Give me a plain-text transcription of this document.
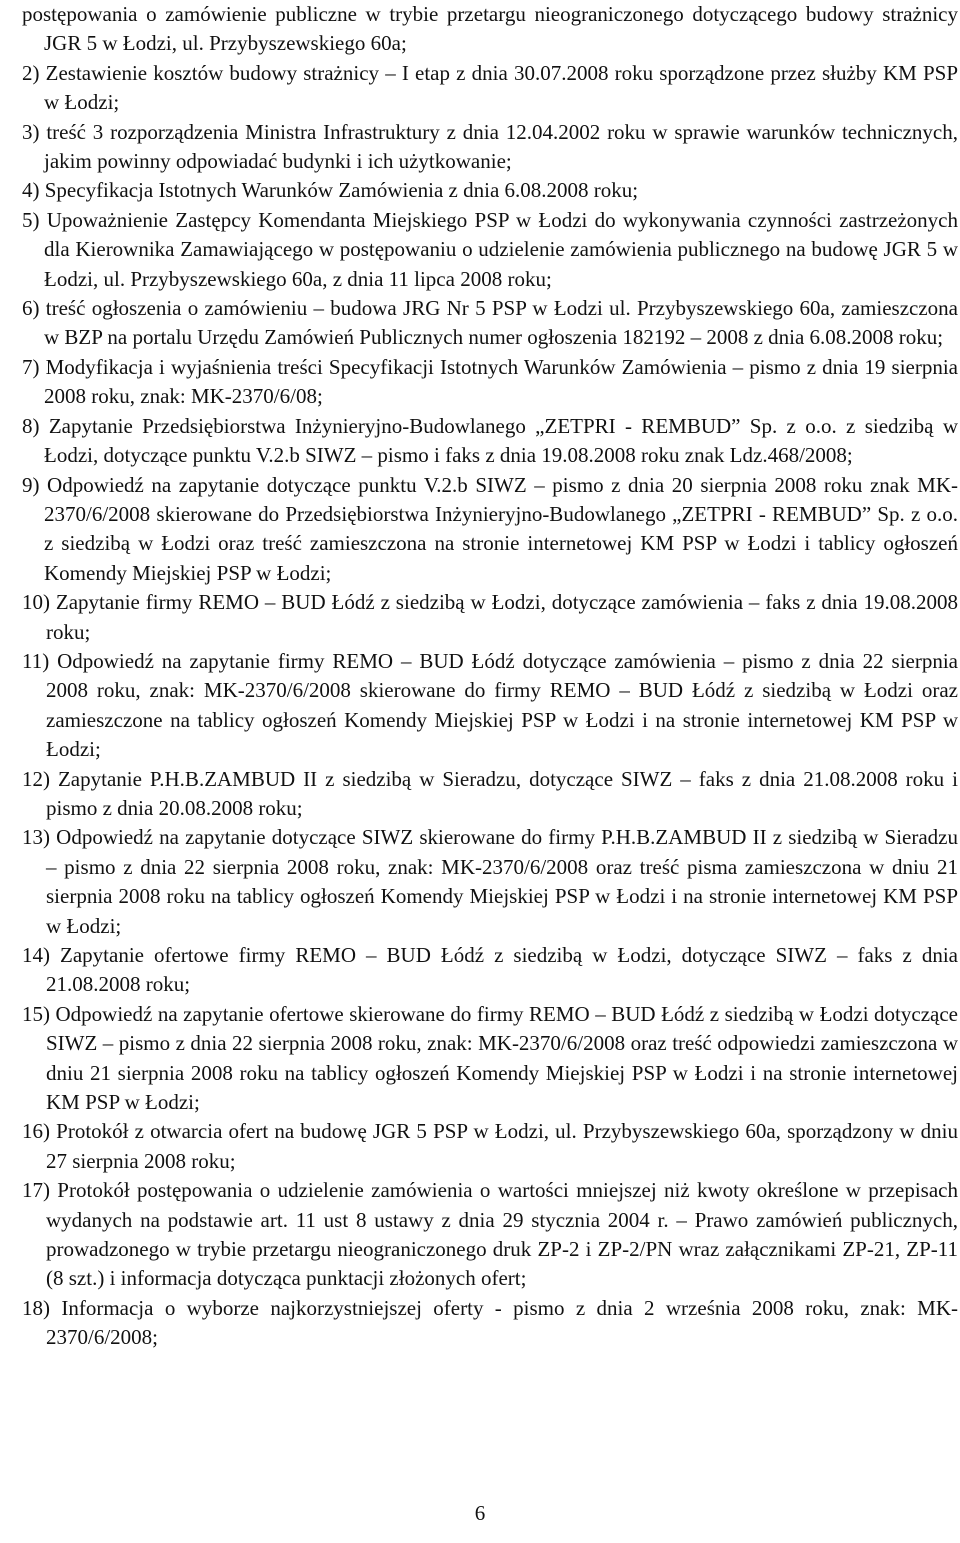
postępowania o zamówienie publiczne w trybie przetargu nieograniczonego dotyczącego budowy strażnicy JGR 5 w Łodzi, ul. Przybyszewskiego 60a;
2) Zestawienie kosztów budowy strażnicy – I etap z dnia 30.07.2008 roku sporządzone przez służby KM PSP w Łodzi;
3) treść 3 rozporządzenia Ministra Infrastruktury z dnia 12.04.2002 roku w sprawie warunków technicznych, jakim powinny odpowiadać budynki i ich użytkowanie;
4) Specyfikacja Istotnych Warunków Zamówienia z dnia 6.08.2008 roku;
5) Upoważnienie Zastępcy Komendanta Miejskiego PSP w Łodzi do wykonywania czynności zastrzeżonych dla Kierownika Zamawiającego w postępowaniu o udzielenie zamówienia publicznego na budowę JGR 5 w Łodzi, ul. Przybyszewskiego 60a, z dnia 11 lipca 2008 roku;
6) treść ogłoszenia o zamówieniu – budowa JRG Nr 5 PSP w Łodzi ul. Przybyszewskiego 60a, zamieszczona w BZP na portalu Urzędu Zamówień Publicznych numer ogłoszenia 182192 – 2008 z dnia 6.08.2008 roku;
7) Modyfikacja i wyjaśnienia treści Specyfikacji Istotnych Warunków Zamówienia – pismo z dnia 19 sierpnia 2008 roku, znak: MK-2370/6/08;
8) Zapytanie Przedsiębiorstwa Inżynieryjno-Budowlanego „ZETPRI - REMBUD” Sp. z o.o. z siedzibą w Łodzi, dotyczące punktu V.2.b SIWZ – pismo i faks z dnia 19.08.2008 roku znak Ldz.468/2008;
9) Odpowiedź na zapytanie dotyczące punktu V.2.b SIWZ – pismo z dnia 20 sierpnia 2008 roku znak MK-2370/6/2008 skierowane do Przedsiębiorstwa Inżynieryjno-Budowlanego „ZETPRI - REMBUD” Sp. z o.o. z siedzibą w Łodzi oraz treść zamieszczona na stronie internetowej KM PSP w Łodzi i tablicy ogłoszeń Komendy Miejskiej PSP w Łodzi;
10) Zapytanie firmy REMO – BUD Łódź z siedzibą w Łodzi, dotyczące zamówienia – faks z dnia 19.08.2008 roku;
11) Odpowiedź na zapytanie firmy REMO – BUD Łódź dotyczące zamówienia – pismo z dnia 22 sierpnia 2008 roku, znak: MK-2370/6/2008 skierowane do firmy REMO – BUD Łódź z siedzibą w Łodzi oraz zamieszczone na tablicy ogłoszeń Komendy Miejskiej PSP w Łodzi i na stronie internetowej KM PSP w Łodzi;
12) Zapytanie P.H.B.ZAMBUD II z siedzibą w Sieradzu, dotyczące SIWZ – faks z dnia 21.08.2008 roku i pismo z dnia 20.08.2008 roku;
13) Odpowiedź na zapytanie dotyczące SIWZ skierowane do firmy P.H.B.ZAMBUD II z siedzibą w Sieradzu – pismo z dnia 22 sierpnia 2008 roku, znak: MK-2370/6/2008 oraz treść pisma zamieszczona w dniu 21 sierpnia 2008 roku na tablicy ogłoszeń Komendy Miejskiej PSP w Łodzi i na stronie internetowej KM PSP w Łodzi;
14) Zapytanie ofertowe firmy REMO – BUD Łódź z siedzibą w Łodzi, dotyczące SIWZ – faks z dnia 21.08.2008 roku;
15) Odpowiedź na zapytanie ofertowe skierowane do firmy REMO – BUD Łódź z siedzibą w Łodzi dotyczące SIWZ – pismo z dnia 22 sierpnia 2008 roku, znak: MK-2370/6/2008 oraz treść odpowiedzi zamieszczona w dniu 21 sierpnia 2008 roku na tablicy ogłoszeń Komendy Miejskiej PSP w Łodzi i na stronie internetowej KM PSP w Łodzi;
16) Protokół z otwarcia ofert na budowę JGR 5 PSP w Łodzi, ul. Przybyszewskiego 60a, sporządzony w dniu 27 sierpnia 2008 roku;
17) Protokół postępowania o udzielenie zamówienia o wartości mniejszej niż kwoty określone w przepisach wydanych na podstawie art. 11 ust 8 ustawy z dnia 29 stycznia 2004 r. – Prawo zamówień publicznych, prowadzonego w trybie przetargu nieograniczonego druk ZP-2 i ZP-2/PN wraz załącznikami ZP-21, ZP-11 (8 szt.) i informacja dotycząca punktacji złożonych ofert;
18) Informacja o wyborze najkorzystniejszej oferty - pismo z dnia 2 września 2008 roku, znak: MK-2370/6/2008;
6
